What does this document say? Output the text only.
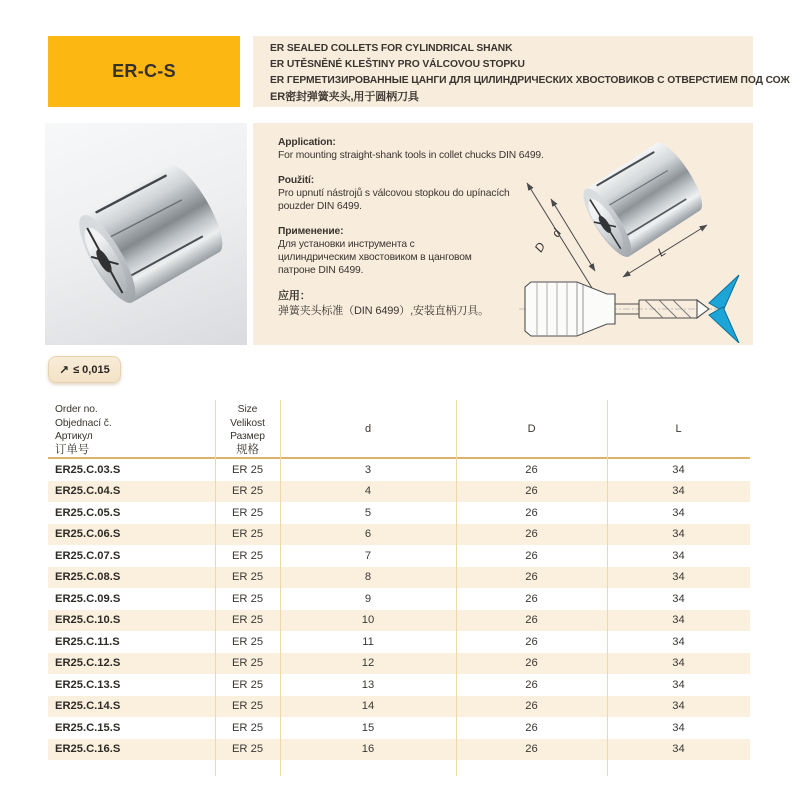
ER-C-S
ER SEALED COLLETS FOR CYLINDRICAL SHANK
ER UTĚSNĚNÉ KLEŠTINY PRO VÁLCOVOU STOPKU
ER ГЕРМЕТИЗИРОВАННЫЕ ЦАНГИ ДЛЯ ЦИЛИНДРИЧЕСКИХ ХВОСТОВИКОВ С ОТВЕРСТИЕМ ПОД СОЖ
ER密封弹簧夹头,用于圆柄刀具
Application:
For mounting straight-shank tools in collet chucks DIN 6499.
Použití:
Pro upnutí nástrojů s válcovou stopkou do upínacích
pouzder DIN 6499.
Применение:
Для установки инструмента с
цилиндрическим хвостовиком в цанговом
патроне DIN 6499.
应用：
弹簧夹头标准（DIN 6499）,安装直柄刀具。
D
d
L
↗ ≤ 0,015
Order no.
Objednací č.
Артикул
订单号
Size
Velikost
Размер
规格
d	D	L
ER25.C.03.S	ER 25	3	26	34
ER25.C.04.S	ER 25	4	26	34
ER25.C.05.S	ER 25	5	26	34
ER25.C.06.S	ER 25	6	26	34
ER25.C.07.S	ER 25	7	26	34
ER25.C.08.S	ER 25	8	26	34
ER25.C.09.S	ER 25	9	26	34
ER25.C.10.S	ER 25	10	26	34
ER25.C.11.S	ER 25	11	26	34
ER25.C.12.S	ER 25	12	26	34
ER25.C.13.S	ER 25	13	26	34
ER25.C.14.S	ER 25	14	26	34
ER25.C.15.S	ER 25	15	26	34
ER25.C.16.S	ER 25	16	26	34
